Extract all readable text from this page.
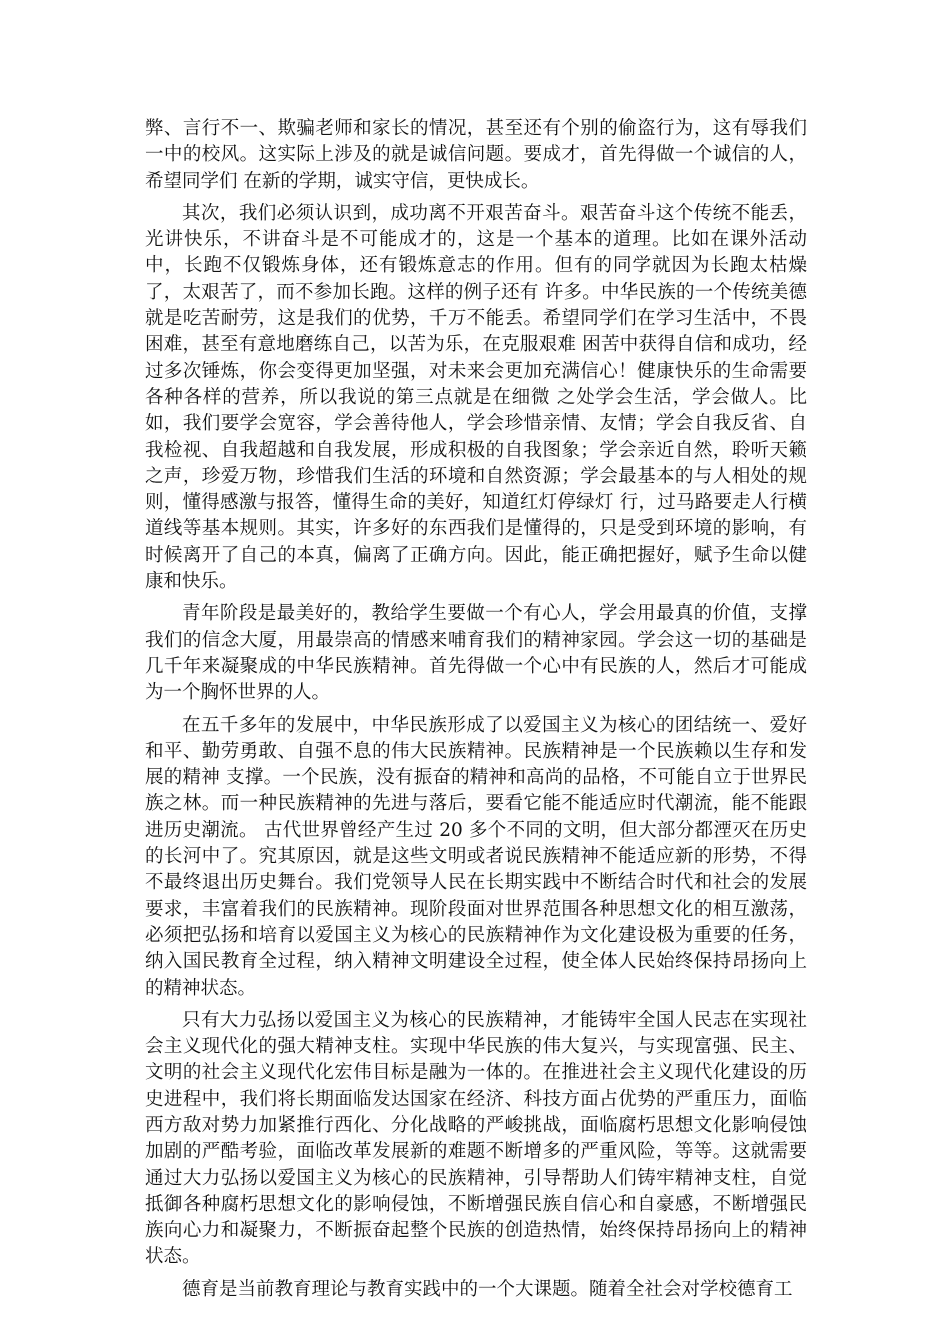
弊、言行不一、欺骗老师和家长的情况，甚至还有个别的偷盗行为，这有辱我们一中的校风。这实际上涉及的就是诚信问题。要成才，首先得做一个诚信的人，希望同学们 在新的学期，诚实守信，更快成长。

其次，我们必须认识到，成功离不开艰苦奋斗。艰苦奋斗这个传统不能丢，光讲快乐，不讲奋斗是不可能成才的，这是一个基本的道理。比如在课外活动中，长跑不仅锻炼身体，还有锻炼意志的作用。但有的同学就因为长跑太枯燥了，太艰苦了，而不参加长跑。这样的例子还有 许多。中华民族的一个传统美德就是吃苦耐劳，这是我们的优势，千万不能丢。希望同学们在学习生活中，不畏困难，甚至有意地磨练自己，以苦为乐，在克服艰难 困苦中获得自信和成功，经过多次锤炼，你会变得更加坚强，对未来会更加充满信心！健康快乐的生命需要各种各样的营养，所以我说的第三点就是在细微 之处学会生活，学会做人。比如，我们要学会宽容，学会善待他人，学会珍惜亲情、友情；学会自我反省、自我检视、自我超越和自我发展，形成积极的自我图象；学会亲近自然，聆听天籁之声，珍爱万物，珍惜我们生活的环境和自然资源；学会最基本的与人相处的规则，懂得感激与报答，懂得生命的美好，知道红灯停绿灯 行，过马路要走人行横道线等基本规则。其实，许多好的东西我们是懂得的，只是受到环境的影响，有时候离开了自己的本真，偏离了正确方向。因此，能正确把握好，赋予生命以健康和快乐。

青年阶段是最美好的，教给学生要做一个有心人，学会用最真的价值，支撑我们的信念大厦，用最崇高的情感来哺育我们的精神家园。学会这一切的基础是几千年来凝聚成的中华民族精神。首先得做一个心中有民族的人，然后才可能成为一个胸怀世界的人。

在五千多年的发展中，中华民族形成了以爱国主义为核心的团结统一、爱好和平、勤劳勇敢、自强不息的伟大民族精神。民族精神是一个民族赖以生存和发展的精神 支撑。一个民族，没有振奋的精神和高尚的品格，不可能自立于世界民族之林。而一种民族精神的先进与落后，要看它能不能适应时代潮流，能不能跟进历史潮流。 古代世界曾经产生过 20 多个不同的文明，但大部分都湮灭在历史的长河中了。究其原因，就是这些文明或者说民族精神不能适应新的形势，不得不最终退出历史舞台。我们党领导人民在长期实践中不断结合时代和社会的发展要求，丰富着我们的民族精神。现阶段面对世界范围各种思想文化的相互激荡，必须把弘扬和培育以爱国主义为核心的民族精神作为文化建设极为重要的任务，纳入国民教育全过程，纳入精神文明建设全过程，使全体人民始终保持昂扬向上的精神状态。

只有大力弘扬以爱国主义为核心的民族精神，才能铸牢全国人民志在实现社会主义现代化的强大精神支柱。实现中华民族的伟大复兴，与实现富强、民主、文明的社会主义现代化宏伟目标是融为一体的。在推进社会主义现代化建设的历史进程中，我们将长期面临发达国家在经济、科技方面占优势的严重压力，面临西方敌对势力加紧推行西化、分化战略的严峻挑战，面临腐朽思想文化影响侵蚀加剧的严酷考验，面临改革发展新的难题不断增多的严重风险，等等。这就需要通过大力弘扬以爱国主义为核心的民族精神，引导帮助人们铸牢精神支柱，自觉抵御各种腐朽思想文化的影响侵蚀，不断增强民族自信心和自豪感，不断增强民族向心力和凝聚力，不断振奋起整个民族的创造热情，始终保持昂扬向上的精神状态。

德育是当前教育理论与教育实践中的一个大课题。随着全社会对学校德育工
